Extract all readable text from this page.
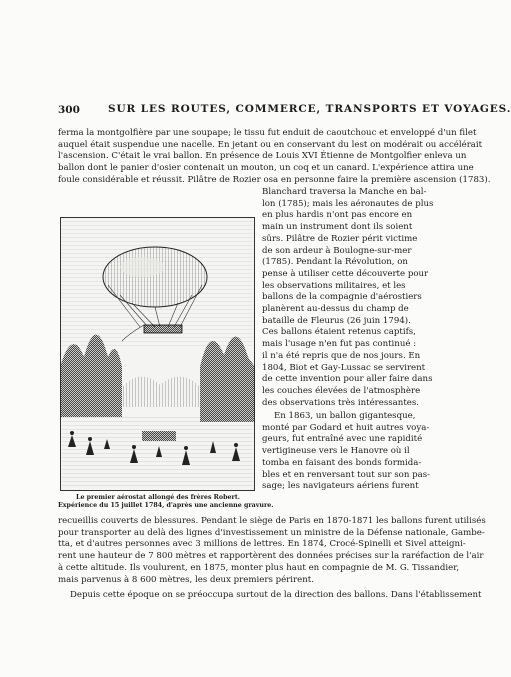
300	SUR LES ROUTES, COMMERCE, TRANSPORTS ET VOYAGES.
ferma la montgolfière par une soupape; le tissu fut enduit de caoutchouc et enveloppé d'un filet
auquel était suspendue une nacelle. En jetant ou en conservant du lest on modérait ou accélérait
l'ascension. C'était le vrai ballon. En présence de Louis XVI Étienne de Montgolfier enleva un
ballon dont le panier d'osier contenait un mouton, un coq et un canard. L'expérience attira une
foule considérable et réussit. Pilâtre de Rozier osa en personne faire la première ascension (1783).
Le premier aérostat allongé des frères Robert.
Expérience du 15 juillet 1784, d'après une ancienne gravure.
Blanchard traversa la Manche en bal-
lon (1785); mais les aéronautes de plus
en plus hardis n'ont pas encore en
main un instrument dont ils soient
sûrs. Pilâtre de Rozier périt victime
de son ardeur à Boulogne-sur-mer
(1785). Pendant la Révolution, on
pense à utiliser cette découverte pour
les observations militaires, et les
ballons de la compagnie d'aérostiers
planèrent au-dessus du champ de
bataille de Fleurus (26 juin 1794).
Ces ballons étaient retenus captifs,
mais l'usage n'en fut pas continué :
il n'a été repris que de nos jours. En
1804, Biot et Gay-Lussac se servirent
de cette invention pour aller faire dans
les couches élevées de l'atmosphère
des observations très intéressantes.
En 1863, un ballon gigantesque,
monté par Godard et huit autres voya-
geurs, fut entraîné avec une rapidité
vertigineuse vers le Hanovre où il
tomba en faisant des bonds formida-
bles et en renversant tout sur son pas-
sage; les navigateurs aériens furent
recueillis couverts de blessures. Pendant le siège de Paris en 1870-1871 les ballons furent utilisés
pour transporter au delà des lignes d'investissement un ministre de la Défense nationale, Gambe-
tta, et d'autres personnes avec 3 millions de lettres. En 1874, Crocé-Spinelli et Sivel atteigni-
rent une hauteur de 7 800 mètres et rapportèrent des données précises sur la raréfaction de l'air
à cette altitude. Ils voulurent, en 1875, monter plus haut en compagnie de M. G. Tissandier,
mais parvenus à 8 600 mètres, les deux premiers périrent.
Depuis cette époque on se préoccupa surtout de la direction des ballons. Dans l'établissement
